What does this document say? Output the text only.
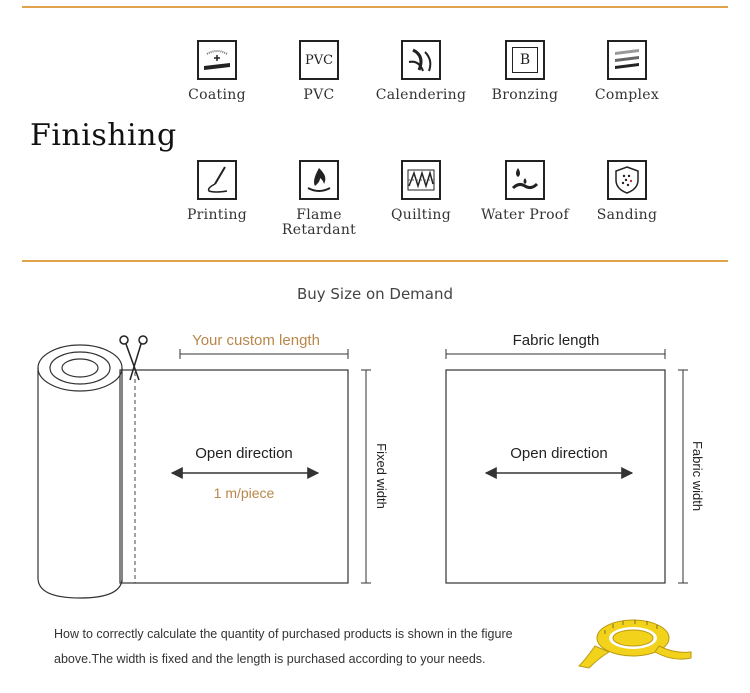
Finishing
Coating
PVC
PVC	Calendering
B
Bronzing	Complex
Printing	Flame
Retardant
Quilting	Water Proof	Sanding
Buy Size on Demand
Your custom length
Open direction
1 m/piece	Fixed width
Fabric length
Open direction	Fabric width
How to correctly calculate the quantity of purchased products is shown in the figure
above.The width is fixed and the length is purchased according to your needs.
